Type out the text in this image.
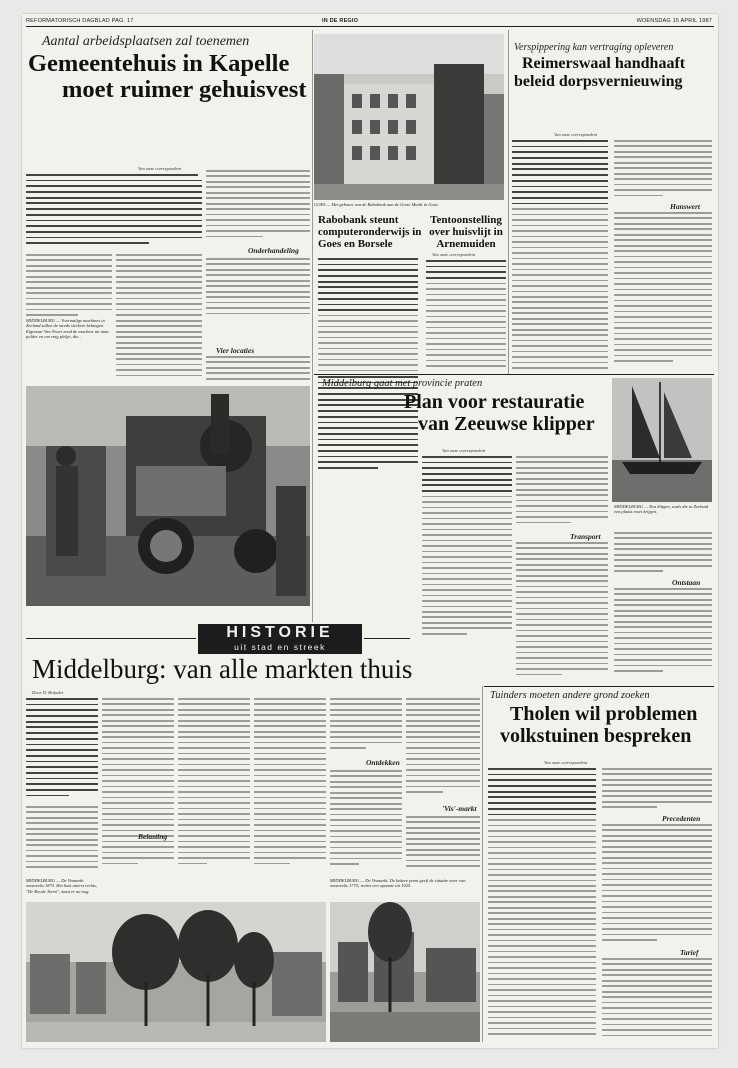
REFORMATORISCH DAGBLAD PAG. 17	IN DE REGIO	WOENSDAG 15 APRIL 1987
Aantal arbeidsplaatsen zal toenemen
Gemeentehuis in Kapelle
moet ruimer gehuisvest
Van onze correspondent
Onderhandeling
MIDDELBURG — Voormalige machines in Zeeland zullen de steeds sterkere belangen. Eigenaar Van Noort zond de machine uit naar polder en om enig plekje, die...
Vier locaties
GOES — Het gebouw van de Rabobank aan de Grote Markt in Goes.
Rabobank steunt computeronderwijs in Goes en Borsele
Tentoonstelling over huisvlijt in Arnemuiden
Van onze correspondent
Verspippering kan vertraging opleveren
Reimerswaal handhaaft
beleid dorpsvernieuwing
Van onze correspondent
Hanswert
Middelburg gaat met provincie praten
Plan voor restauratie
van Zeeuwse klipper
Van onze correspondent
Transport
MIDDELBURG — Een klipper, zoals die in Zeeland een plaats moet krijgen.
Ontstaan
HISTORIE
uit stad en streek
Middelburg: van alle markten thuis
Door D. Brijnder
Belasting
Ontdekken
'Vis'-markt
MIDDELBURG — De Vismarkt omstreeks 1875. Het huis uiterst rechts, "De Roode Toren", staat er nu nog.
MIDDELBURG — De Vismarkt. De bekere prent geeft de situatie weer van omstreeks 1775; rechts een opname uit 1925.
Tuinders moeten andere grond zoeken
Tholen wil problemen
volkstuinen bespreken
Van onze correspondent
Precedenten
Tarief
